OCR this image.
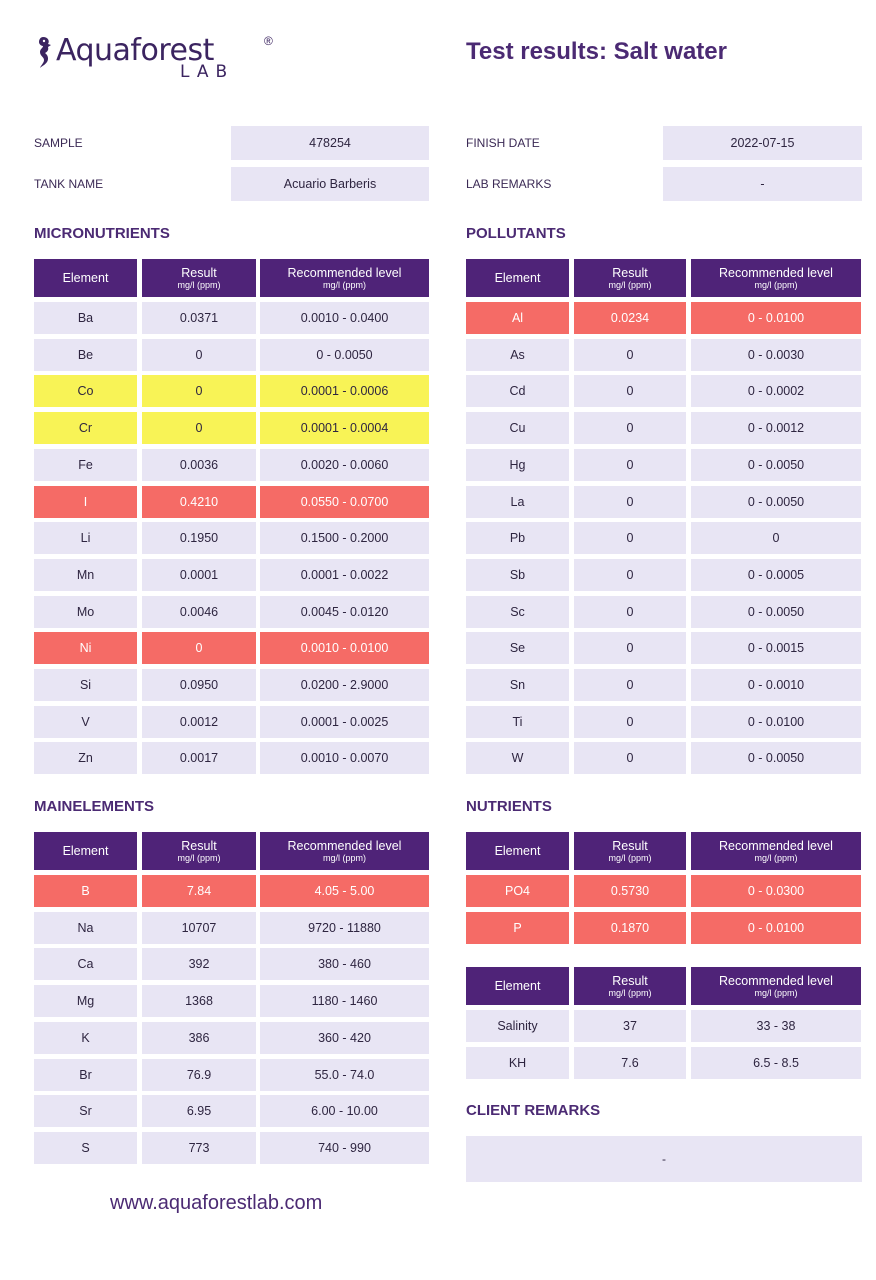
Aquaforest	®
LAB
Test results: Salt water
SAMPLE	478254
TANK NAME	Acuario Barberis
FINISH DATE	2022-07-15
LAB REMARKS	-
MICRONUTRIENTS	POLLUTANTS
MAINELEMENTS	NUTRIENTS
CLIENT REMARKS
Element	Result
mg/l (ppm)
Recommended level
mg/l (ppm)
Ba	0.0371	0.0010 - 0.0400
Be	0	0 - 0.0050
Co	0	0.0001 - 0.0006
Cr	0	0.0001 - 0.0004
Fe	0.0036	0.0020 - 0.0060
I	0.4210	0.0550 - 0.0700
Li	0.1950	0.1500 - 0.2000
Mn	0.0001	0.0001 - 0.0022
Mo	0.0046	0.0045 - 0.0120
Ni	0	0.0010 - 0.0100
Si	0.0950	0.0200 - 2.9000
V	0.0012	0.0001 - 0.0025
Zn	0.0017	0.0010 - 0.0070
Element	Result
mg/l (ppm)
Recommended level
mg/l (ppm)
Al	0.0234	0 - 0.0100
As	0	0 - 0.0030
Cd	0	0 - 0.0002
Cu	0	0 - 0.0012
Hg	0	0 - 0.0050
La	0	0 - 0.0050
Pb	0	0
Sb	0	0 - 0.0005
Sc	0	0 - 0.0050
Se	0	0 - 0.0015
Sn	0	0 - 0.0010
Ti	0	0 - 0.0100
W	0	0 - 0.0050
Element	Result
mg/l (ppm)
Recommended level
mg/l (ppm)
B	7.84	4.05 - 5.00
Na	10707	9720 - 11880
Ca	392	380 - 460
Mg	1368	1180 - 1460
K	386	360 - 420
Br	76.9	55.0 - 74.0
Sr	6.95	6.00 - 10.00
S	773	740 - 990
Element	Result
mg/l (ppm)
Recommended level
mg/l (ppm)
PO4	0.5730	0 - 0.0300
P	0.1870	0 - 0.0100
Element	Result
mg/l (ppm)
Recommended level
mg/l (ppm)
Salinity	37	33 - 38
KH	7.6	6.5 - 8.5
-
www.aquaforestlab.com
